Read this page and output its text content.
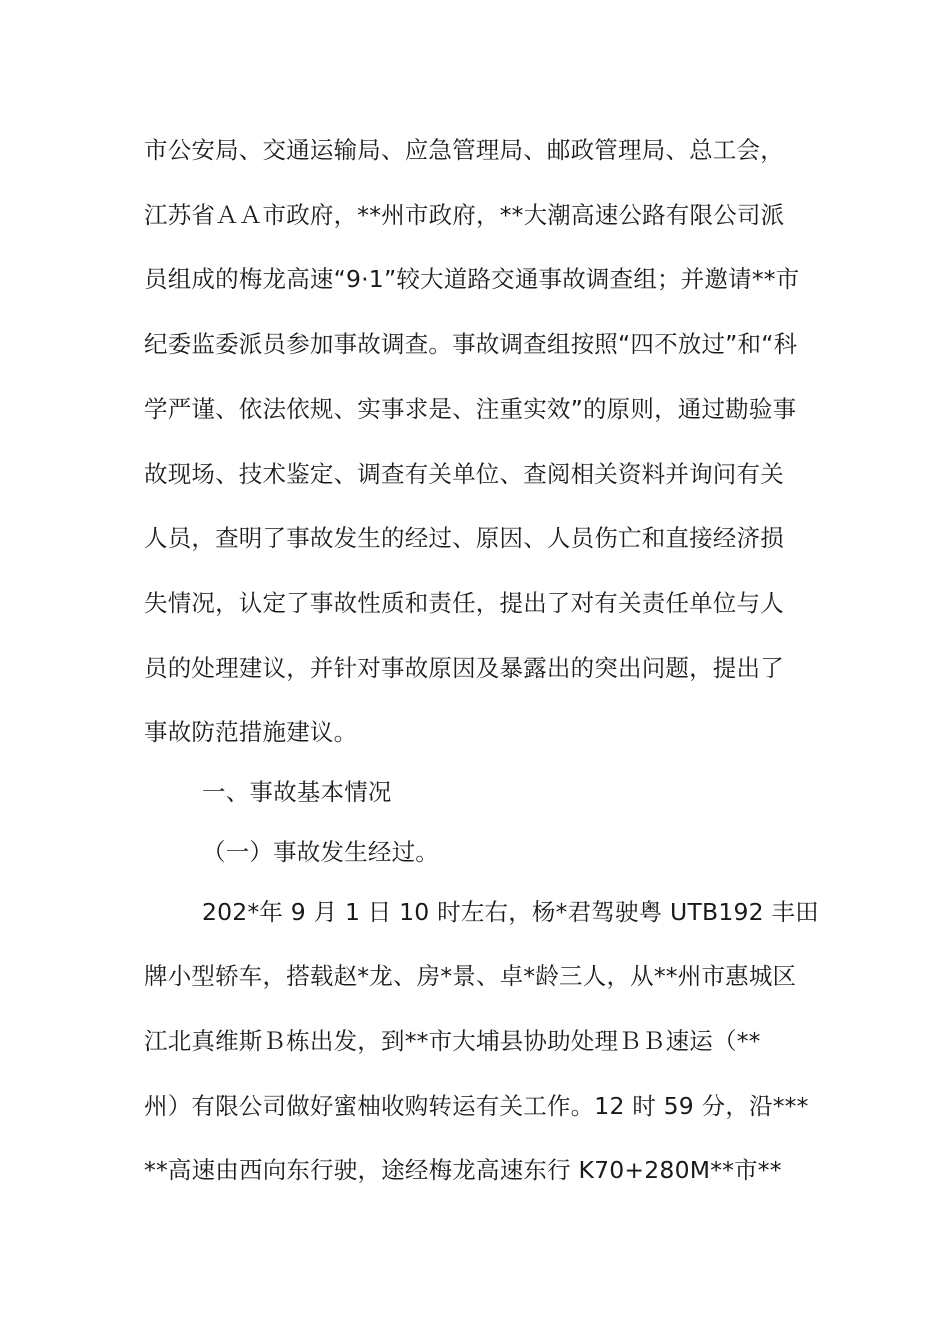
市公安局、交通运输局、应急管理局、邮政管理局、总工会，
江苏省ＡＡ市政府，**州市政府，**大潮高速公路有限公司派
员组成的梅龙高速“9·1”较大道路交通事故调查组；并邀请**市
纪委监委派员参加事故调查。事故调查组按照“四不放过”和“科
学严谨、依法依规、实事求是、注重实效”的原则，通过勘验事
故现场、技术鉴定、调查有关单位、查阅相关资料并询问有关
人员，查明了事故发生的经过、原因、人员伤亡和直接经济损
失情况，认定了事故性质和责任，提出了对有关责任单位与人
员的处理建议，并针对事故原因及暴露出的突出问题，提出了
事故防范措施建议。
一、事故基本情况
（一）事故发生经过。
202*年 9 月 1 日 10 时左右，杨*君驾驶粤 UTB192 丰田
牌小型轿车，搭载赵*龙、房*景、卓*龄三人，从**州市惠城区
江北真维斯Ｂ栋出发，到**市大埔县协助处理ＢＢ速运（**
州）有限公司做好蜜柚收购转运有关工作。12 时 59 分，沿***
**高速由西向东行驶，途经梅龙高速东行 K70+280M**市**
